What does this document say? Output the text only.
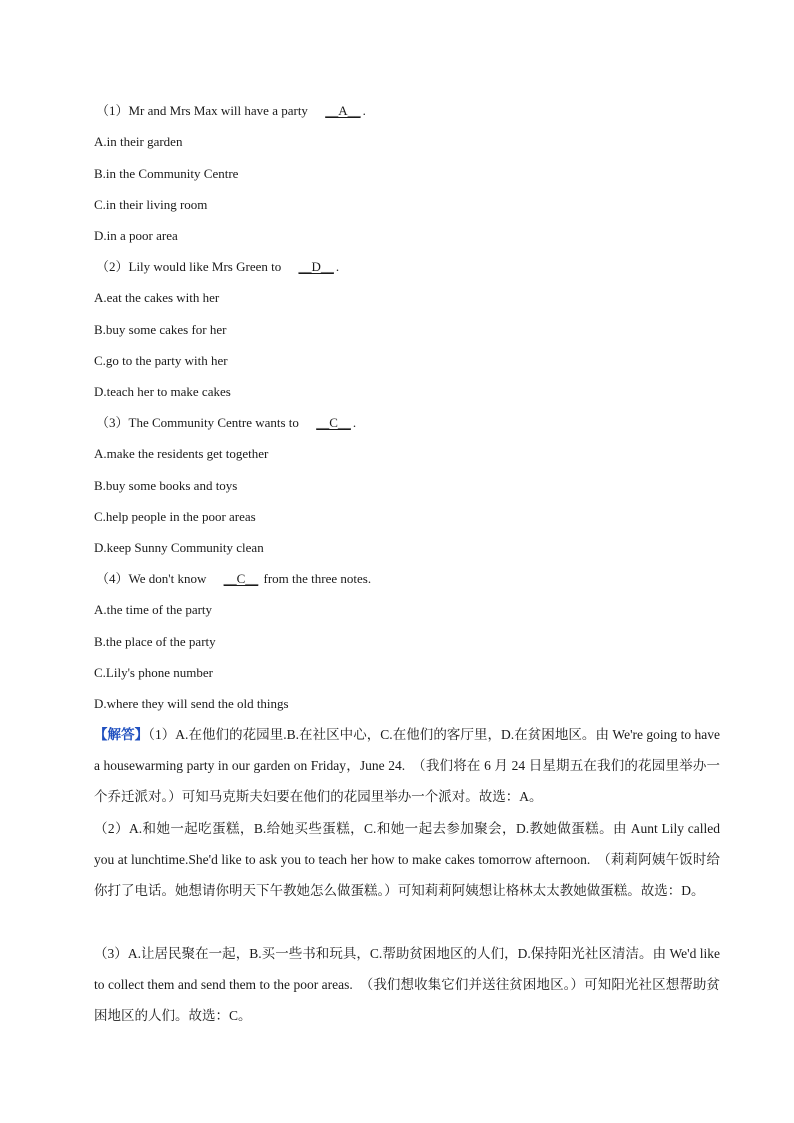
（1）Mr and Mrs Max will have a party __A__ .
A.in their garden
B.in the Community Centre
C.in their living room
D.in a poor area
（2）Lily would like Mrs Green to __D__ .
A.eat the cakes with her
B.buy some cakes for her
C.go to the party with her
D.teach her to make cakes
（3）The Community Centre wants to __C__ .
A.make the residents get together
B.buy some books and toys
C.help people in the poor areas
D.keep Sunny Community clean
（4）We don't know __C__ from the three notes.
A.the time of the party
B.the place of the party
C.Lily's phone number
D.where they will send the old things
【解答】（1）A.在他们的花园里.B.在社区中心，C.在他们的客厅里，D.在贫困地区。由 We're going to have a housewarming party in our garden on Friday，June 24.　（我们将在 6 月 24 日星期五在我们的花园里举办一个乔迁派对。）可知马克斯夫妇要在他们的花园里举办一个派对。故选：A。
（2）A.和她一起吃蛋糕，B.给她买些蛋糕，C.和她一起去参加聚会，D.教她做蛋糕。由 Aunt Lily called you at lunchtime.She'd like to ask you to teach her how to make cakes tomorrow afternoon.　（莉莉阿姨午饭时给你打了电话。她想请你明天下午教她怎么做蛋糕。）可知莉莉阿姨想让格林太太教她做蛋糕。故选：D。
（3）A.让居民聚在一起，B.买一些书和玩具，C.帮助贫困地区的人们，D.保持阳光社区清洁。由 We'd like to collect them and send them to the poor areas.　（我们想收集它们并送往贫困地区。）可知阳光社区想帮助贫困地区的人们。故选：C。
